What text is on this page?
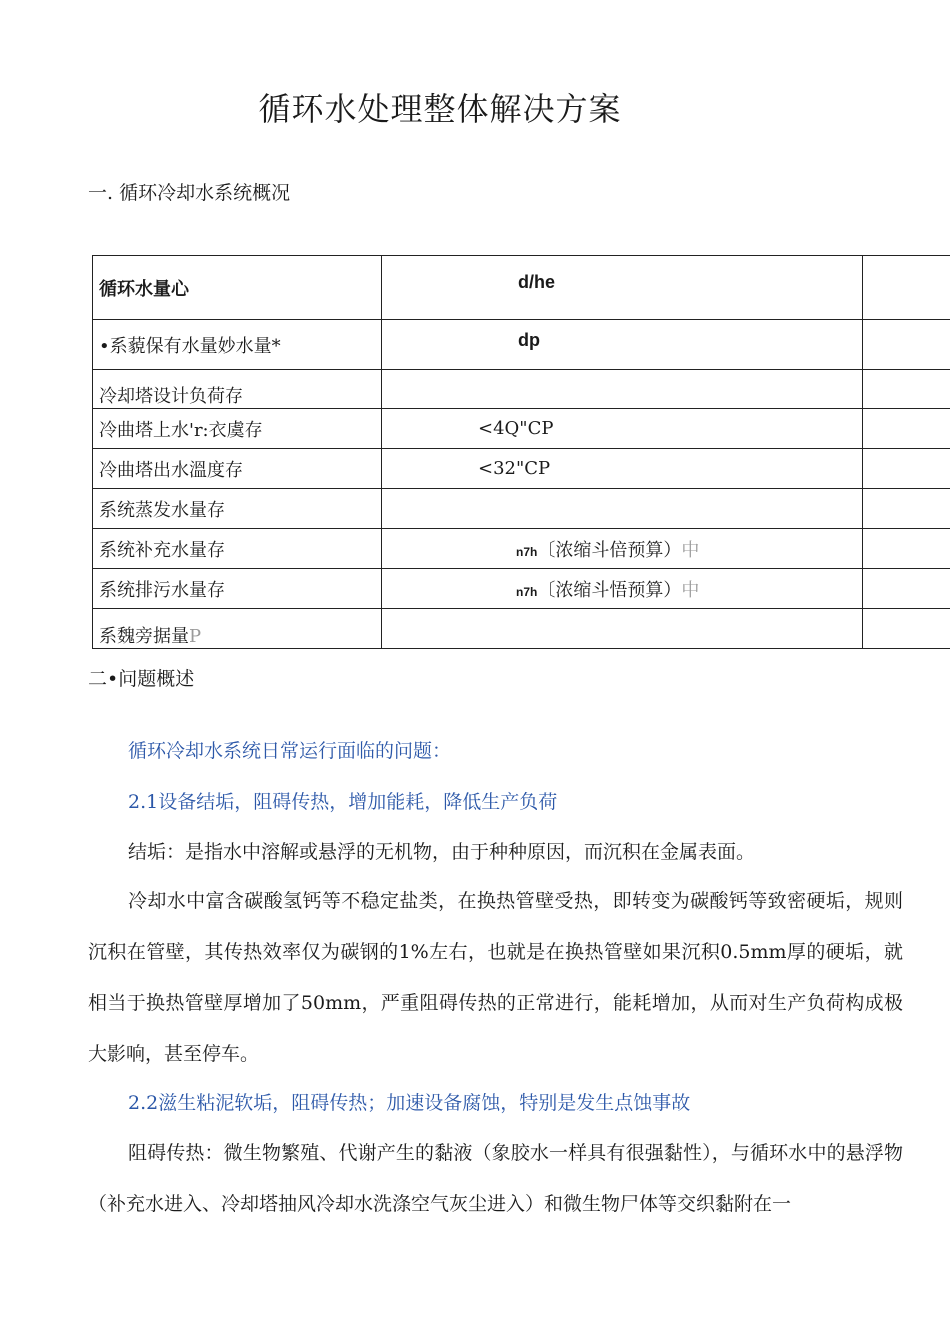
循环水处理整体解决方案
一. 循环冷却水系统概况
循环水量心	d/he	
•系藐保有水量妙水量*	dp	
冷却塔设计负荷存		
冷曲塔上水'r:衣虞存	<4Q"CP	
冷曲塔出水溫度存	<32"CP	
系统蒸发水量存		
系统补充水量存	n7h〔浓缩斗倍预算）中	
系统排污水量存	n7h〔浓缩斗悟预算）中	
系魏旁据量P		
二•问题概述
循环冷却水系统日常运行面临的问题：
2.1设备结垢，阻碍传热，增加能耗，降低生产负荷
结垢：是指水中溶解或悬浮的无机物，由于种种原因，而沉积在金属表面。
冷却水中富含碳酸氢钙等不稳定盐类，在换热管壁受热，即转变为碳酸钙等致密硬垢，规则沉积在管壁，其传热效率仅为碳钢的1%左右，也就是在换热管壁如果沉积0.5mm厚的硬垢，就相当于换热管壁厚增加了50mm，严重阻碍传热的正常进行，能耗增加，从而对生产负荷构成极大影响，甚至停车。
2.2滋生粘泥软垢，阻碍传热；加速设备腐蚀，特别是发生点蚀事故
阻碍传热：微生物繁殖、代谢产生的黏液（象胶水一样具有很强黏性），与循环水中的悬浮物（补充水进入、冷却塔抽风冷却水洗涤空气灰尘进入）和微生物尸体等交织黏附在一
